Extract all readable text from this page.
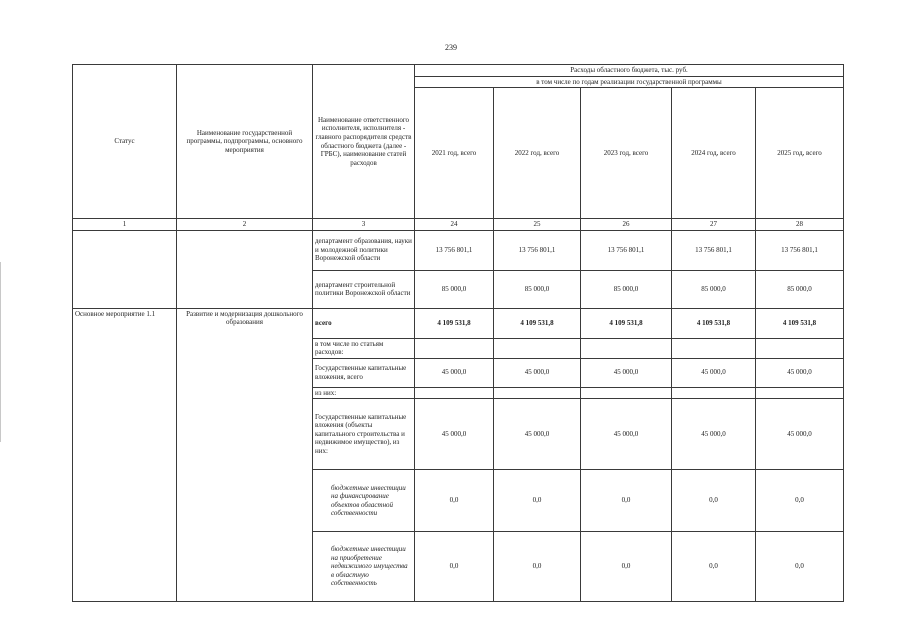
239
Статус	Наименование государственной программы, подпрограммы, основного мероприятия	Наименование ответственного исполнителя, исполнителя - главного распорядителя средств областного бюджета (далее - ГРБС), наименование статей расходов	Расходы областного бюджета, тыс. руб.				
			в том числе по годам реализации государственной программы				
			2021 год, всего	2022 год, всего	2023 год, всего	2024 год, всего	2025 год, всего
1	2	3	24	25	26	27	28
		департамент образования, науки и молодежной политики Воронежской области	13 756 801,1	13 756 801,1	13 756 801,1	13 756 801,1	13 756 801,1
		департамент строительной политики Воронежской области	85 000,0	85 000,0	85 000,0	85 000,0	85 000,0
Основное мероприятие 1.1	Развитие и модернизация дошкольного образования	всего	4 109 531,8	4 109 531,8	4 109 531,8	4 109 531,8	4 109 531,8
		в том числе по статьям расходов:					
		Государственные капитальные вложения, всего	45 000,0	45 000,0	45 000,0	45 000,0	45 000,0
		из них:					
		Государственные капитальные вложения (объекты капитального строительства и недвижимое имущество), из них:	45 000,0	45 000,0	45 000,0	45 000,0	45 000,0
		бюджетные инвестиции на финансирование объектов областной собственности	0,0	0,0	0,0	0,0	0,0
		бюджетные инвестиции на приобретение недвижимого имущества в областную собственность	0,0	0,0	0,0	0,0	0,0
